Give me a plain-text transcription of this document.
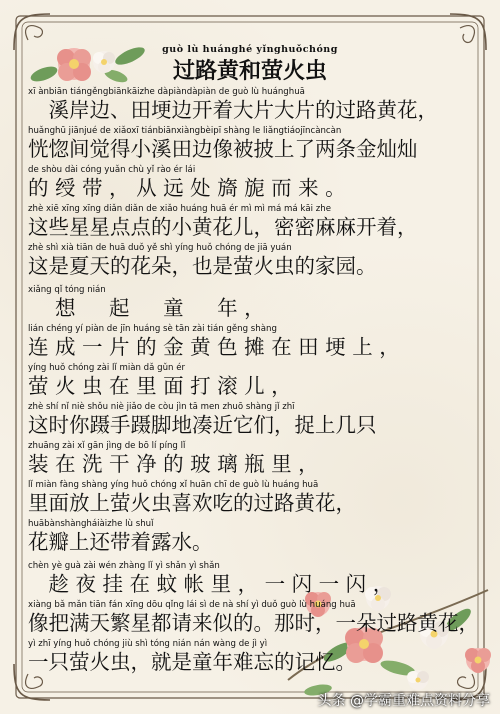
guò lù huánghé yǐnghuǒchóng
过路黄和萤火虫
xī ànbiān tiángěngbiānkāizhe dàpiàndàpiàn de guò lù huánghuā
　溪岸边、田埂边开着大片大片的过路黄花，
huǎnghū jiānjué de xiǎoxī tiánbiānxiàngbèipī shàng le liǎngtiáojīncàncàn
恍惚间觉得小溪田边像被披上了两条金灿灿
de shòu dài cóng yuǎn chù yǐ rào ér lái
的 绶 带 ， 从 远 处 旖 旎 而 来 。
zhè xiē xīng xīng diǎn diǎn de xiǎo huáng huā ér mì mì má má kāi zhe
这些星星点点的小黄花儿，密密麻麻开着，
zhè shì xià tiān de huā duǒ yě shì yíng huǒ chóng de jiā yuán
这是夏天的花朵，也是萤火虫的家园。
xiǎng qǐ tóng nián
　 想 　 起 　 童 　 年 ，
lián chéng yí piàn de jīn huáng sè tān zài tián gěng shàng
连 成 一 片 的 金 黄 色 摊 在 田 埂 上 ，
yíng huǒ chóng zài lǐ miàn dǎ gǔn ér
萤 火 虫 在 里 面 打 滚 儿 ，
zhè shí nǐ niè shǒu niè jiǎo de còu jìn tā men zhuō shàng jǐ zhī
这时你蹑手蹑脚地凑近它们，捉上几只
zhuāng zài xǐ gān jìng de bō lí píng lǐ
装 在 洗 干 净 的 玻 璃 瓶 里 ，
lǐ miàn fàng shàng yíng huǒ chóng xǐ huān chī de guò lù huáng huā
里面放上萤火虫喜欢吃的过路黄花，
huābànshàngháiàizhe lù shuǐ
花瓣上还带着露水。
chèn yè guà zài wén zhàng lǐ yì shǎn yì shǎn
　趁 夜 挂 在 蚊 帐 里 ， 一 闪 一 闪 ，
xiàng bǎ mǎn tiān fán xīng dōu qǐng lái sì de nà shí yì duǒ guò lù huáng huā
像把满天繁星都请来似的。那时，一朵过路黄花，
yì zhī yíng huǒ chóng jiù shì tóng nián nán wàng de jì yì
一只萤火虫，就是童年难忘的记忆。
头条 @学霸重难点资料分享
